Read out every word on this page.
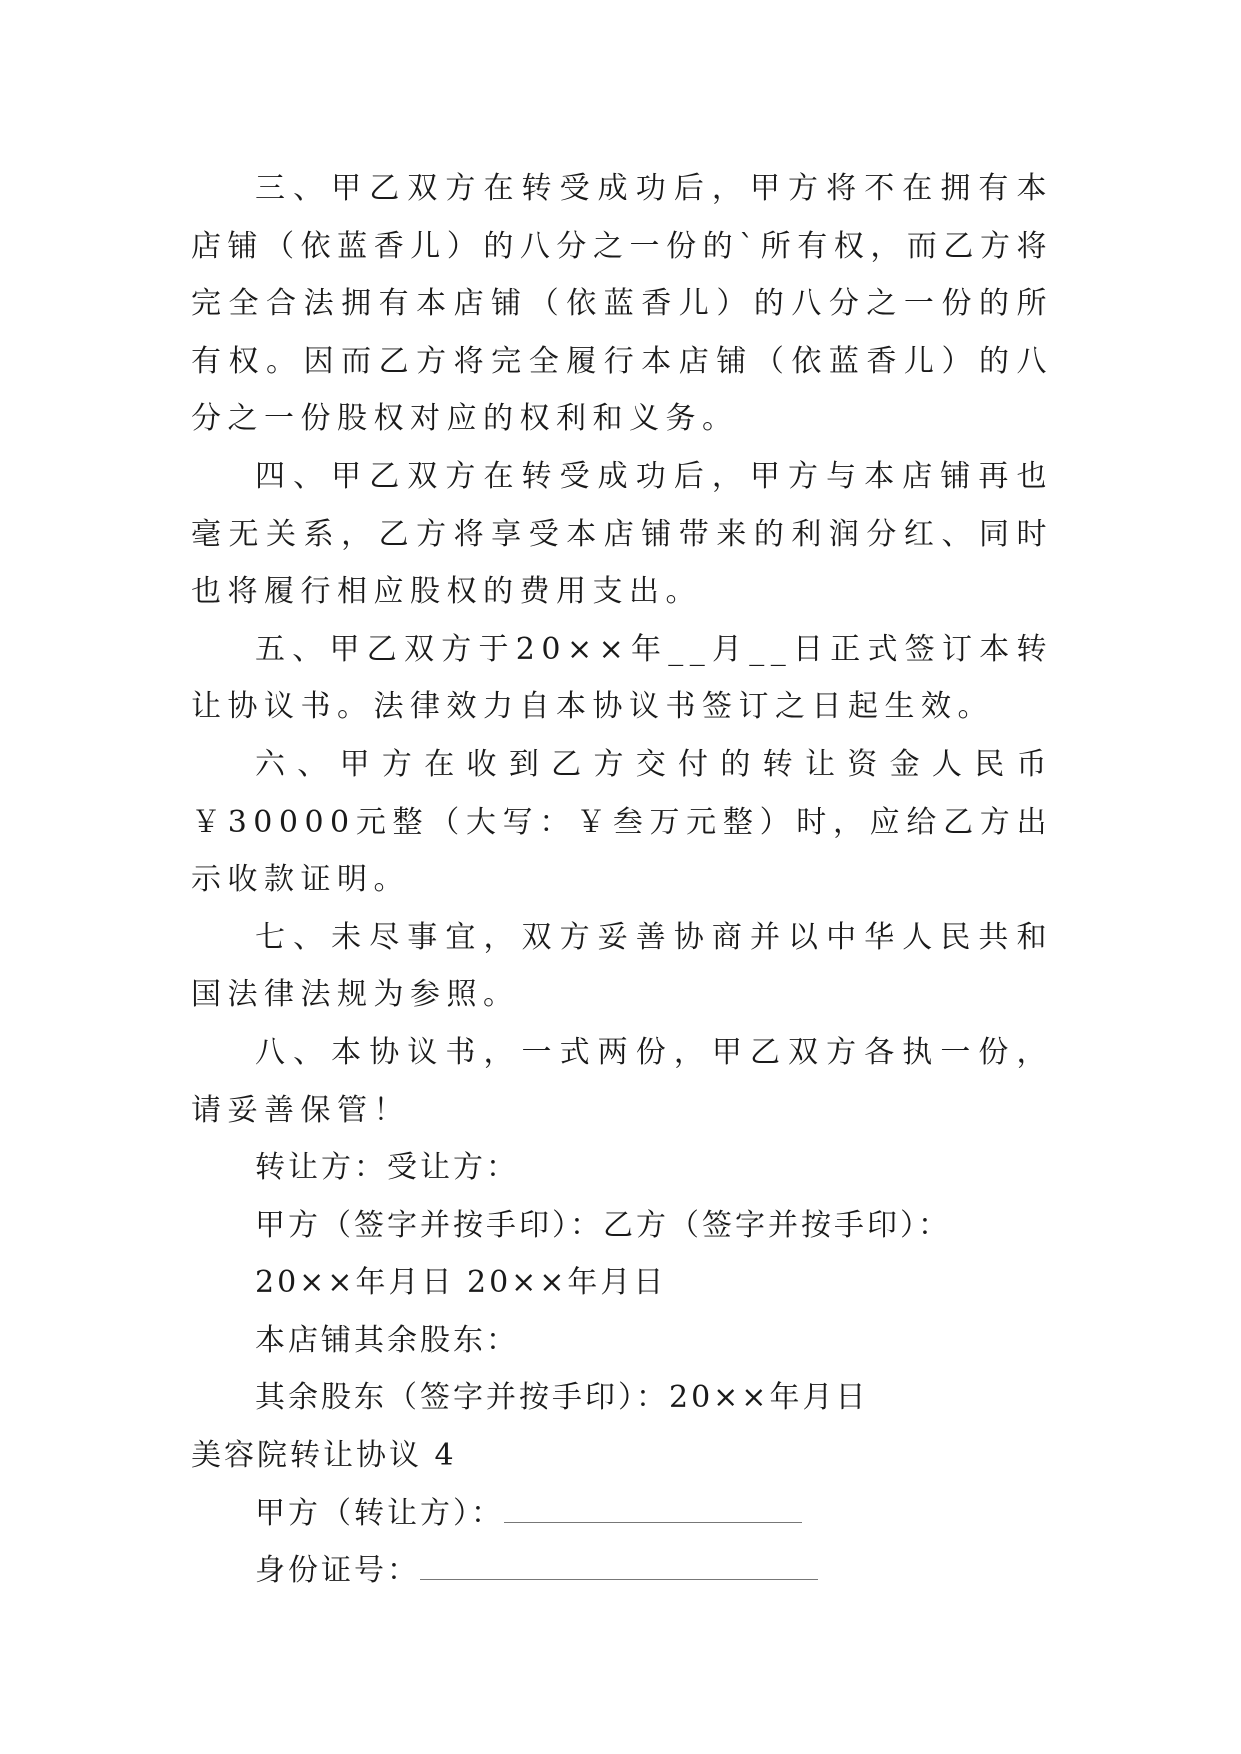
三、甲乙双方在转受成功后，甲方将不在拥有本店铺（依蓝香儿）的八分之一份的`所有权，而乙方将完全合法拥有本店铺（依蓝香儿）的八分之一份的所有权。因而乙方将完全履行本店铺（依蓝香儿）的八分之一份股权对应的权利和义务。

四、甲乙双方在转受成功后，甲方与本店铺再也毫无关系，乙方将享受本店铺带来的利润分红、同时也将履行相应股权的费用支出。

五、甲乙双方于20××年__月__日正式签订本转让协议书。法律效力自本协议书签订之日起生效。

六、甲方在收到乙方交付的转让资金人民币￥30000元整（大写：￥叁万元整）时，应给乙方出示收款证明。

七、未尽事宜，双方妥善协商并以中华人民共和国法律法规为参照。

八、本协议书，一式两份，甲乙双方各执一份，请妥善保管！

转让方：受让方：

甲方（签字并按手印）：乙方（签字并按手印）：

20××年月日 20××年月日

本店铺其余股东：

其余股东（签字并按手印）：20××年月日

美容院转让协议 4

甲方（转让方）：

身份证号：
